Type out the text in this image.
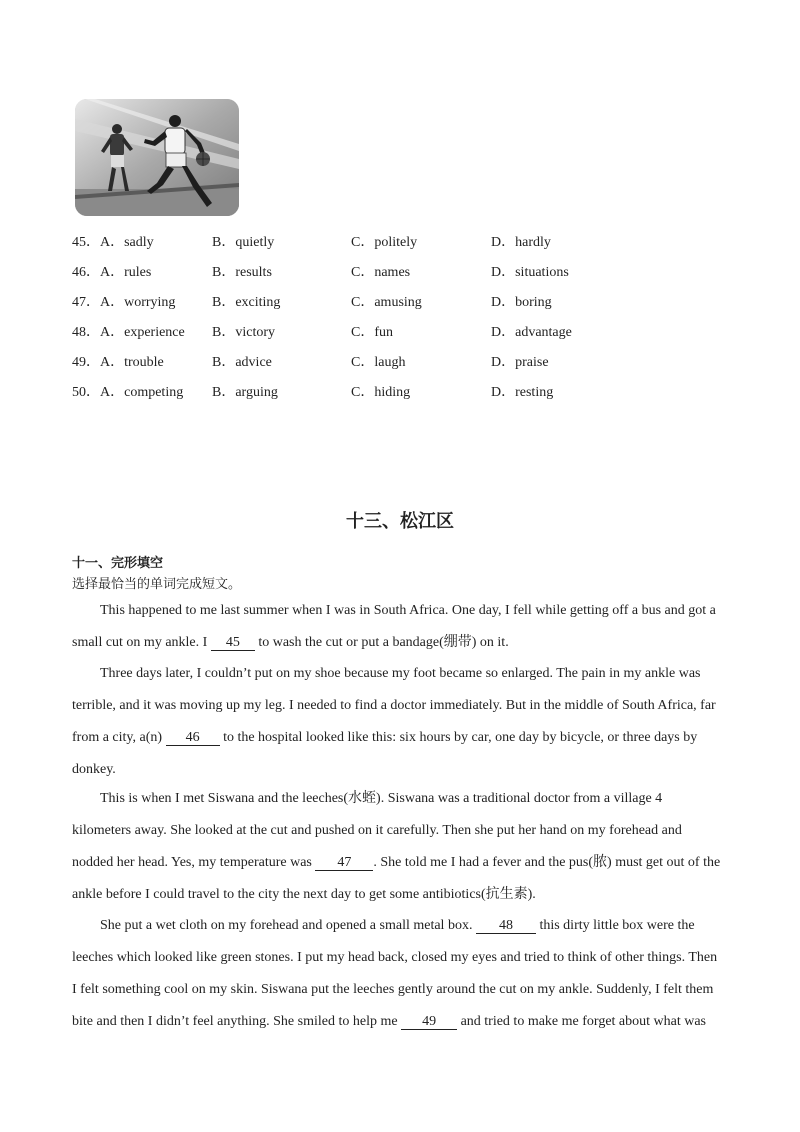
45．A．sadly	B．quietly	C．politely	D．hardly
46．A．rules	B．results	C．names	D．situations
47．A．worrying	B．exciting	C．amusing	D．boring
48．A．experience B．victory	C．fun	D．advantage
49．A．trouble	B．advice	C．laugh	D．praise
50．A．competing B．arguing	C．hiding	D．resting
十三、松江区
十一、完形填空
选择最恰当的单词完成短文。
This happened to me last summer when I was in South Africa. One day, I fell while getting off a bus and got a
small cut on my ankle. I 45 to wash the cut or put a bandage(绷带) on it.
Three days later, I couldn’t put on my shoe because my foot became so enlarged. The pain in my ankle was
terrible, and it was moving up my leg. I needed to find a doctor immediately. But in the middle of South Africa, far
from a city, a(n) 46 to the hospital looked like this: six hours by car, one day by bicycle, or three days by
donkey.
This is when I met Siswana and the leeches(水蛭). Siswana was a traditional doctor from a village 4
kilometers away. She looked at the cut and pushed on it carefully. Then she put her hand on my forehead and
nodded her head. Yes, my temperature was 47 . She told me I had a fever and the pus(脓) must get out of the
ankle before I could travel to the city the next day to get some antibiotics(抗生素).
She put a wet cloth on my forehead and opened a small metal box. 48 this dirty little box were the
leeches which looked like green stones. I put my head back, closed my eyes and tried to think of other things. Then
I felt something cool on my skin. Siswana put the leeches gently around the cut on my ankle. Suddenly, I felt them
bite and then I didn’t feel anything. She smiled to help me 49 and tried to make me forget about what was
